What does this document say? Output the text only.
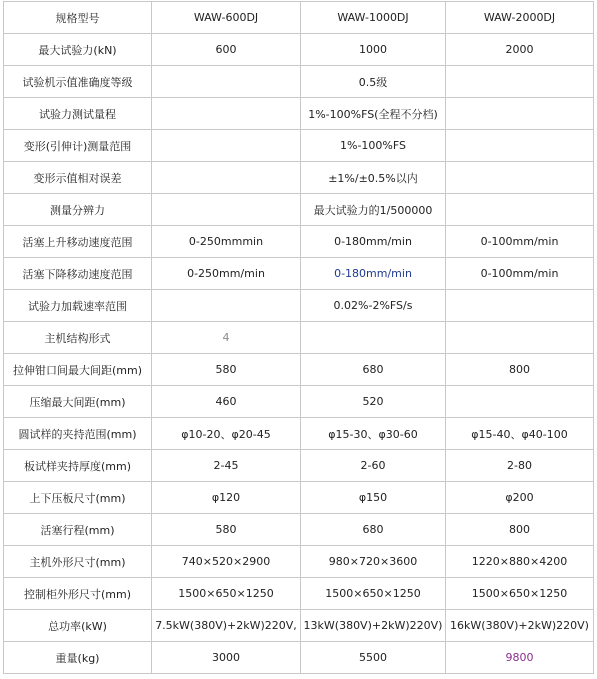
规格型号	WAW-600DJ	WAW-1000DJ	WAW-2000DJ
最大试验力(kN)	600	1000	2000
试验机示值准确度等级		0.5级	
试验力测试量程		1%-100%FS(全程不分档)	
变形(引伸计)测量范围		1%-100%FS	
变形示值相对误差		±1%/±0.5%以内	
测量分辨力		最大试验力的1/500000	
活塞上升移动速度范围	0-250mmmin	0-180mm/min	0-100mm/min
活塞下降移动速度范围	0-250mm/min	0-180mm/min	0-100mm/min
试验力加载速率范围		0.02%-2%FS/s	
主机结构形式	4		
拉伸钳口间最大间距(mm)	580	680	800
压缩最大间距(mm)	460	520	
圆试样的夹持范围(mm)	φ10-20、φ20-45	φ15-30、φ30-60	φ15-40、φ40-100
板试样夹持厚度(mm)	2-45	2-60	2-80
上下压板尺寸(mm)	φ120	φ150	φ200
活塞行程(mm)	580	680	800
主机外形尺寸(mm)	740×520×2900	980×720×3600	1220×880×4200
控制柜外形尺寸(mm)	1500×650×1250	1500×650×1250	1500×650×1250
总功率(kW)	7.5kW(380V)+2kW)220V,	13kW(380V)+2kW)220V)	16kW(380V)+2kW)220V)
重量(kg)	3000	5500	9800
